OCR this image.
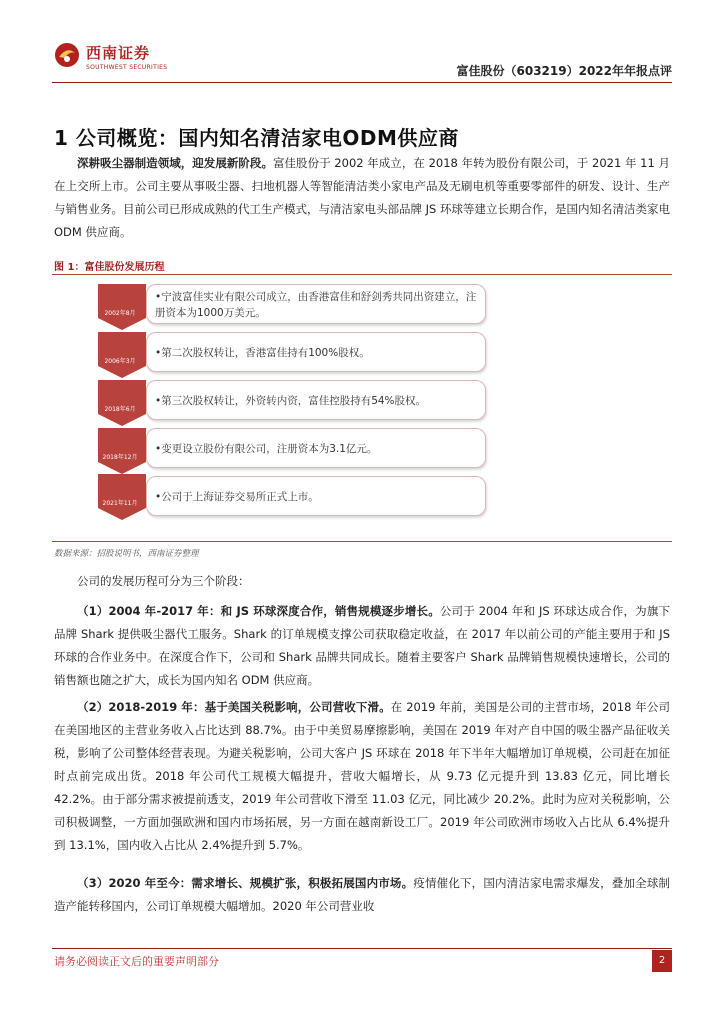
西南证券
SOUTHWEST SECURITIES	富佳股份（603219）2022年年报点评
1 公司概览：国内知名清洁家电ODM供应商
深耕吸尘器制造领域，迎发展新阶段。富佳股份于 2002 年成立，在 2018 年转为股份有限公司，于 2021 年 11 月在上交所上市。公司主要从事吸尘器、扫地机器人等智能清洁类小家电产品及无刷电机等重要零部件的研发、设计、生产与销售业务。目前公司已形成成熟的代工生产模式，与清洁家电头部品牌 JS 环球等建立长期合作，是国内知名清洁类家电 ODM 供应商。
图 1：富佳股份发展历程
2002年8月
•宁波富佳实业有限公司成立，由香港富佳和舒剑秀共同出资建立，注册资本为1000万美元。
2006年3月
•第二次股权转让，香港富佳持有100%股权。
2018年6月
•第三次股权转让，外资转内资，富佳控股持有54%股权。
2018年12月
•变更设立股份有限公司，注册资本为3.1亿元。
2021年11月
•公司于上海证券交易所正式上市。
数据来源：招股说明书，西南证券整理
公司的发展历程可分为三个阶段：
（1）2004 年-2017 年：和 JS 环球深度合作，销售规模逐步增长。公司于 2004 年和 JS 环球达成合作，为旗下品牌 Shark 提供吸尘器代工服务。Shark 的订单规模支撑公司获取稳定收益，在 2017 年以前公司的产能主要用于和 JS 环球的合作业务中。在深度合作下，公司和 Shark 品牌共同成长。随着主要客户 Shark 品牌销售规模快速增长，公司的销售额也随之扩大，成长为国内知名 ODM 供应商。
（2）2018-2019 年：基于美国关税影响，公司营收下滑。在 2019 年前，美国是公司的主营市场，2018 年公司在美国地区的主营业务收入占比达到 88.7%。由于中美贸易摩擦影响，美国在 2019 年对产自中国的吸尘器产品征收关税，影响了公司整体经营表现。为避关税影响，公司大客户 JS 环球在 2018 年下半年大幅增加订单规模，公司赶在加征时点前完成出货。2018 年公司代工规模大幅提升，营收大幅增长，从 9.73 亿元提升到 13.83 亿元，同比增长 42.2%。由于部分需求被提前透支，2019 年公司营收下滑至 11.03 亿元，同比减少 20.2%。此时为应对关税影响，公司积极调整，一方面加强欧洲和国内市场拓展，另一方面在越南新设工厂。2019 年公司欧洲市场收入占比从 6.4%提升到 13.1%，国内收入占比从 2.4%提升到 5.7%。
（3）2020 年至今：需求增长、规模扩张，积极拓展国内市场。疫情催化下，国内清洁家电需求爆发，叠加全球制造产能转移国内，公司订单规模大幅增加。2020 年公司营业收
请务必阅读正文后的重要声明部分	2
